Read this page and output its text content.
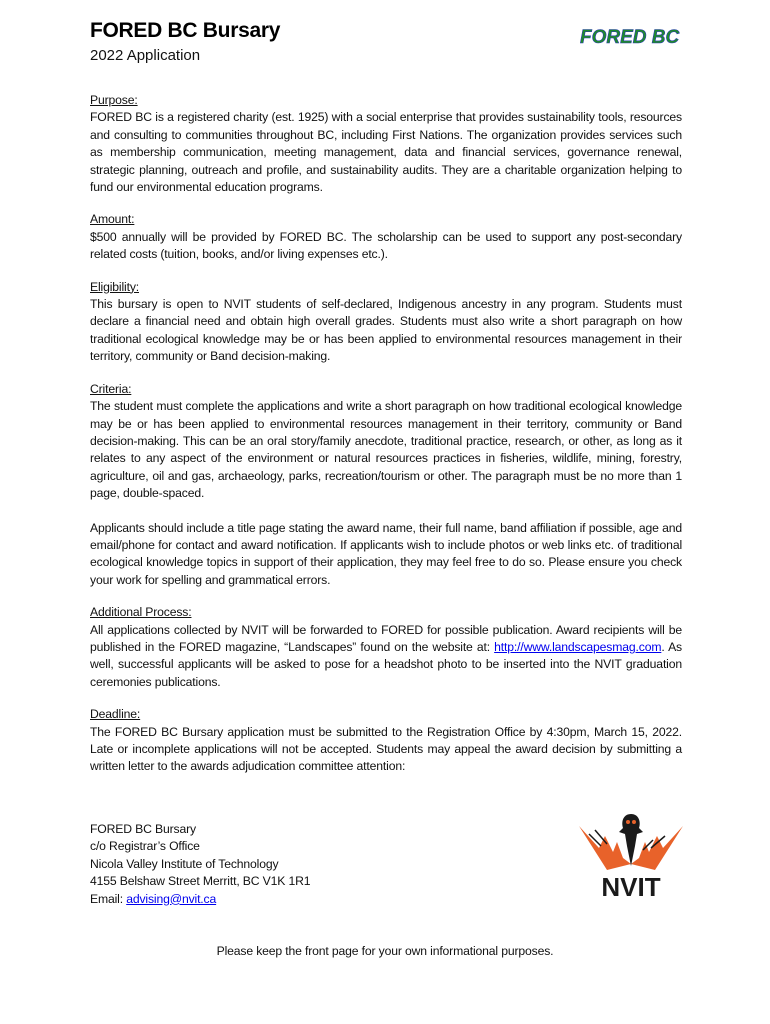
FORED BC Bursary

2022 Application

FORED BC

Purpose:

FORED BC is a registered charity (est. 1925) with a social enterprise that provides sustainability tools, resources and consulting to communities throughout BC, including First Nations. The organization provides services such as membership communication, meeting management, data and financial services, governance renewal, strategic planning, outreach and profile, and sustainability audits. They are a charitable organization helping to fund our environmental education programs.

Amount:

$500 annually will be provided by FORED BC. The scholarship can be used to support any post-secondary related costs (tuition, books, and/or living expenses etc.).

Eligibility:

This bursary is open to NVIT students of self-declared, Indigenous ancestry in any program. Students must declare a financial need and obtain high overall grades. Students must also write a short paragraph on how traditional ecological knowledge may be or has been applied to environmental resources management in their territory, community or Band decision-making.

Criteria:

The student must complete the applications and write a short paragraph on how traditional ecological knowledge may be or has been applied to environmental resources management in their territory, community or Band decision-making. This can be an oral story/family anecdote, traditional practice, research, or other, as long as it relates to any aspect of the environment or natural resources practices in fisheries, wildlife, mining, forestry, agriculture, oil and gas, archaeology, parks, recreation/tourism or other. The paragraph must be no more than 1 page, double-spaced.

Applicants should include a title page stating the award name, their full name, band affiliation if possible, age and email/phone for contact and award notification. If applicants wish to include photos or web links etc. of traditional ecological knowledge topics in support of their application, they may feel free to do so. Please ensure you check your work for spelling and grammatical errors.

Additional Process:

All applications collected by NVIT will be forwarded to FORED for possible publication. Award recipients will be published in the FORED magazine, “Landscapes” found on the website at: http://www.landscapesmag.com. As well, successful applicants will be asked to pose for a headshot photo to be inserted into the NVIT graduation ceremonies publications.

Deadline:

The FORED BC Bursary application must be submitted to the Registration Office by 4:30pm, March 15, 2022. Late or incomplete applications will not be accepted. Students may appeal the award decision by submitting a written letter to the awards adjudication committee attention:

FORED BC Bursary
c/o Registrar’s Office
Nicola Valley Institute of Technology
4155 Belshaw Street Merritt, BC V1K 1R1
Email: advising@nvit.ca	NVIT
Please keep the front page for your own informational purposes.
